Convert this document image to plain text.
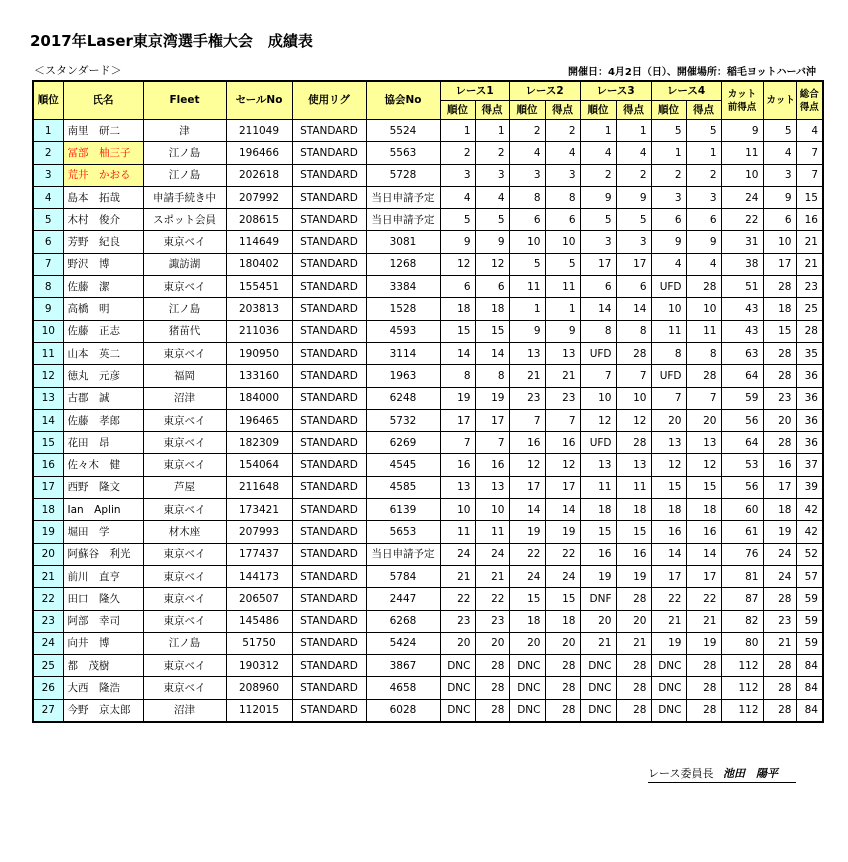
2017年Laser東京湾選手権大会　成績表
＜スタンダード＞	開催日：4月2日（日）、開催場所：稲毛ヨットハーバ沖
順位	氏名	Fleet	セールNo	使用リグ	協会No	レース1		レース2		レース3		レース4		カット前得点	カット	総合得点
						順位	得点	順位	得点	順位	得点	順位	得点			
1	南里　研二	津	211049	STANDARD	5524	1	1	2	2	1	1	5	5	9	5	4
2	冨部　柚三子	江ノ島	196466	STANDARD	5563	2	2	4	4	4	4	1	1	11	4	7
3	荒井　かおる	江ノ島	202618	STANDARD	5728	3	3	3	3	2	2	2	2	10	3	7
4	島本　拓哉	申請手続き中	207992	STANDARD	当日申請予定	4	4	8	8	9	9	3	3	24	9	15
5	木村　俊介	スポット会員	208615	STANDARD	当日申請予定	5	5	6	6	5	5	6	6	22	6	16
6	芳野　紀良	東京ベイ	114649	STANDARD	3081	9	9	10	10	3	3	9	9	31	10	21
7	野沢　博	諏訪湖	180402	STANDARD	1268	12	12	5	5	17	17	4	4	38	17	21
8	佐藤　潔	東京ベイ	155451	STANDARD	3384	6	6	11	11	6	6	UFD	28	51	28	23
9	高橋　明	江ノ島	203813	STANDARD	1528	18	18	1	1	14	14	10	10	43	18	25
10	佐藤　正志	猪苗代	211036	STANDARD	4593	15	15	9	9	8	8	11	11	43	15	28
11	山本　英二	東京ベイ	190950	STANDARD	3114	14	14	13	13	UFD	28	8	8	63	28	35
12	徳丸　元彦	福岡	133160	STANDARD	1963	8	8	21	21	7	7	UFD	28	64	28	36
13	古郡　誠	沼津	184000	STANDARD	6248	19	19	23	23	10	10	7	7	59	23	36
14	佐藤　孝郎	東京ベイ	196465	STANDARD	5732	17	17	7	7	12	12	20	20	56	20	36
15	花田　昂	東京ベイ	182309	STANDARD	6269	7	7	16	16	UFD	28	13	13	64	28	36
16	佐々木　健	東京ベイ	154064	STANDARD	4545	16	16	12	12	13	13	12	12	53	16	37
17	西野　隆文	芦屋	211648	STANDARD	4585	13	13	17	17	11	11	15	15	56	17	39
18	Ian　Aplin	東京ベイ	173421	STANDARD	6139	10	10	14	14	18	18	18	18	60	18	42
19	堀田　学	材木座	207993	STANDARD	5653	11	11	19	19	15	15	16	16	61	19	42
20	阿蘇谷　利光	東京ベイ	177437	STANDARD	当日申請予定	24	24	22	22	16	16	14	14	76	24	52
21	前川　直亨	東京ベイ	144173	STANDARD	5784	21	21	24	24	19	19	17	17	81	24	57
22	田口　隆久	東京ベイ	206507	STANDARD	2447	22	22	15	15	DNF	28	22	22	87	28	59
23	阿部　幸司	東京ベイ	145486	STANDARD	6268	23	23	18	18	20	20	21	21	82	23	59
24	向井　博	江ノ島	51750	STANDARD	5424	20	20	20	20	21	21	19	19	80	21	59
25	都　茂樹	東京ベイ	190312	STANDARD	3867	DNC	28	DNC	28	DNC	28	DNC	28	112	28	84
26	大西　隆浩	東京ベイ	208960	STANDARD	4658	DNC	28	DNC	28	DNC	28	DNC	28	112	28	84
27	今野　京太郎	沼津	112015	STANDARD	6028	DNC	28	DNC	28	DNC	28	DNC	28	112	28	84
レース委員長 池田　陽平
